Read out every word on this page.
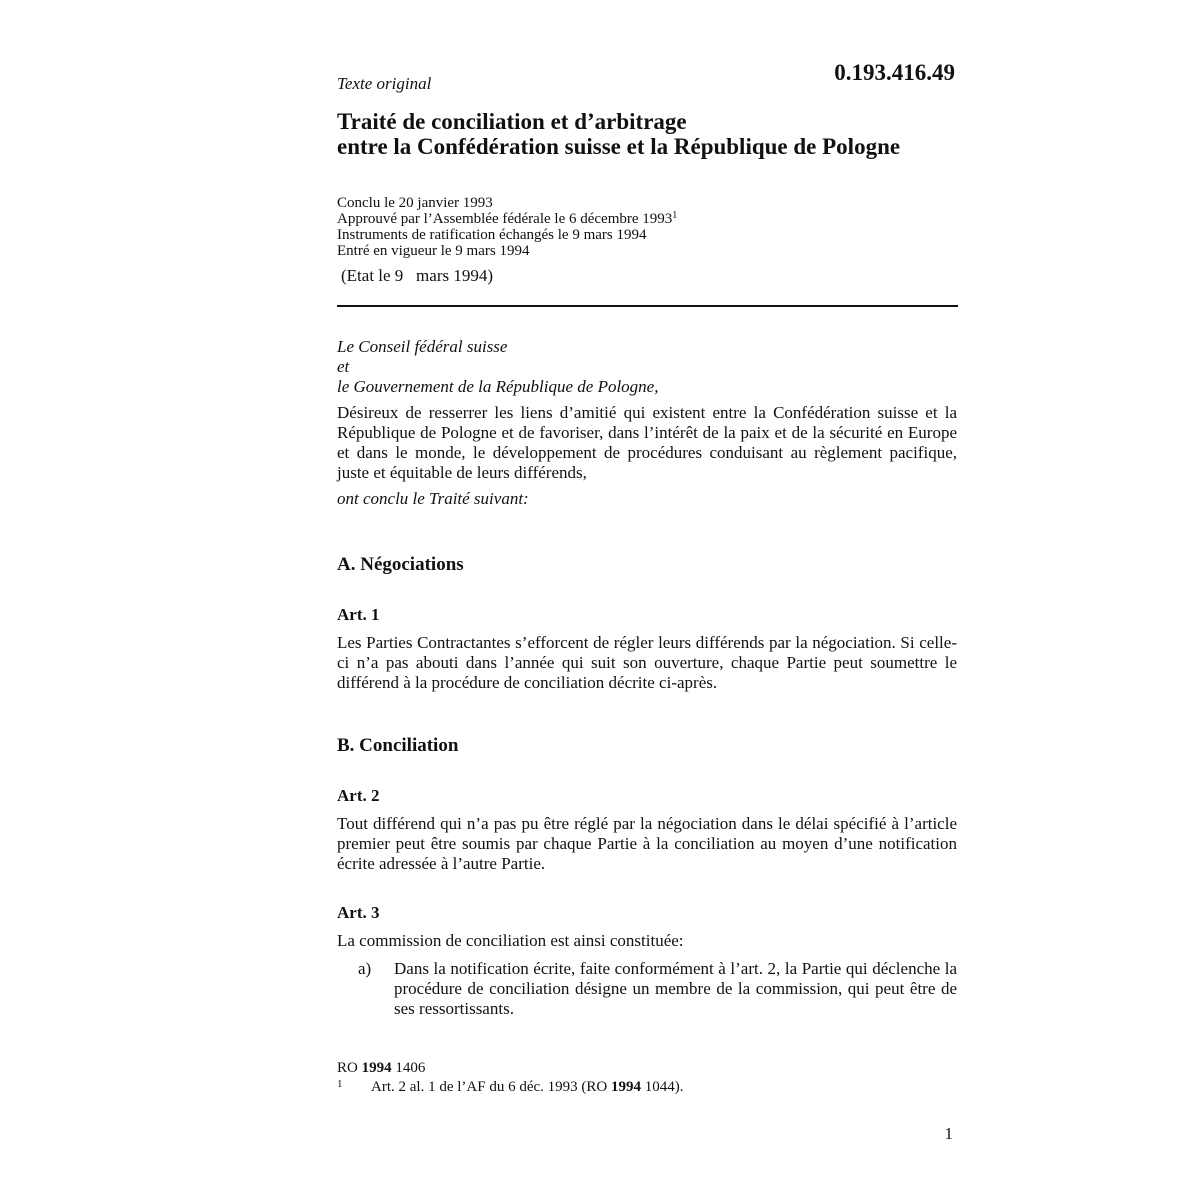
Texte original	0.193.416.49

Traité de conciliation et d’arbitrage
entre la Confédération suisse et la République de Pologne
Conclu le 20 janvier 1993
Approuvé par l’Assemblée fédérale le 6 décembre 1993$^1$
Instruments de ratification échangés le 9 mars 1994
Entré en vigueur le 9 mars 1994

(Etat le 9   mars 1994)

Le Conseil fédéral suisse
et
le Gouvernement de la République de Pologne,
Désireux de resserrer les liens d’amitié qui existent entre la Confédération suisse et la République de Pologne et de favoriser, dans l’intérêt de la paix et de la sécurité en Europe et dans le monde, le développement de procédures conduisant au règlement pacifique, juste et équitable de leurs différends,
ont conclu le Traité suivant:
A. Négociations
Art. 1

Les Parties Contractantes s’efforcent de régler leurs différends par la négociation. Si celle-ci n’a pas abouti dans l’année qui suit son ouverture, chaque Partie peut soumettre le différend à la procédure de conciliation décrite ci-après.

B. Conciliation
Art. 2

Tout différend qui n’a pas pu être réglé par la négociation dans le délai spécifié à l’article premier peut être soumis par chaque Partie à la conciliation au moyen d’une notification écrite adressée à l’autre Partie.

Art. 3

La commission de conciliation est ainsi constituée:

a) Dans la notification écrite, faite conformément à l’art. 2, la Partie qui déclenche la procédure de conciliation désigne un membre de la commission, qui peut être de ses ressortissants.
RO 1994 1406
1 Art. 2 al. 1 de l’AF du 6 déc. 1993 (RO 1994 1044).

1
